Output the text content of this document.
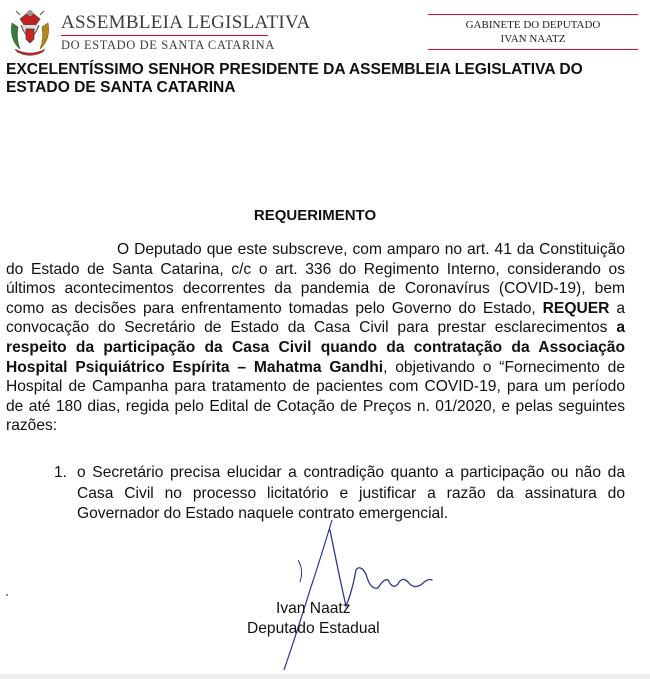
ASSEMBLEIA LEGISLATIVA
DO ESTADO DE SANTA CATARINA
GABINETE DO DEPUTADO
IVAN NAATZ

EXCELENTÍSSIMO SENHOR PRESIDENTE DA ASSEMBLEIA LEGISLATIVA DO ESTADO DE SANTA CATARINA

REQUERIMENTO

O Deputado que este subscreve, com amparo no art. 41 da Constituição do Estado de Santa Catarina, c/c o art. 336 do Regimento Interno, considerando os últimos acontecimentos decorrentes da pandemia de Coronavírus (COVID-19), bem como as decisões para enfrentamento tomadas pelo Governo do Estado, REQUER a convocação do Secretário de Estado da Casa Civil para prestar esclarecimentos a respeito da participação da Casa Civil quando da contratação da Associação Hospital Psiquiátrico Espírita – Mahatma Gandhi, objetivando o “Fornecimento de Hospital de Campanha para tratamento de pacientes com COVID-19, para um período de até 180 dias, regida pelo Edital de Cotação de Preços n. 01/2020, e pelas seguintes razões:

1. o Secretário precisa elucidar a contradição quanto a participação ou não da Casa Civil no processo licitatório e justificar a razão da assinatura do Governador do Estado naquele contrato emergencial.
Ivan Naatz
Deputado Estadual
